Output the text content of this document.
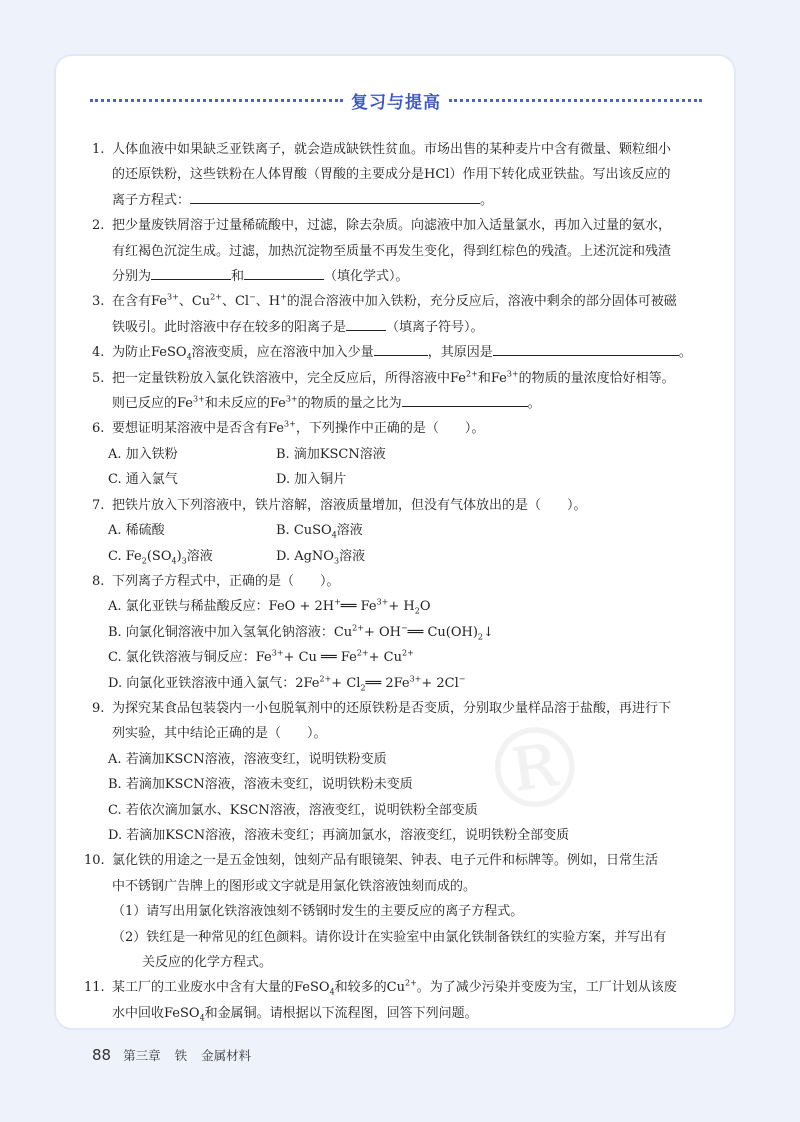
复习与提高
®
1. 人体血液中如果缺乏亚铁离子，就会造成缺铁性贫血。市场出售的某种麦片中含有微量、颗粒细小
的还原铁粉，这些铁粉在人体胃酸（胃酸的主要成分是HCl）作用下转化成亚铁盐。写出该反应的
离子方程式：	。
2. 把少量废铁屑溶于过量稀硫酸中，过滤，除去杂质。向滤液中加入适量氯水，再加入过量的氨水，
有红褐色沉淀生成。过滤，加热沉淀物至质量不再发生变化，得到红棕色的残渣。上述沉淀和残渣
分别为	和	（填化学式）。
3. 在含有$Fe^{3+}$、$Cu^{2+}$、Cl−、H+的混合溶液中加入铁粉，充分反应后，溶液中剩余的部分固体可被磁
铁吸引。此时溶液中存在较多的阳离子是	（填离子符号）。
4. 为防止FeSO$_4$溶液变质，应在溶液中加入少量	，其原因是	。
5. 把一定量铁粉放入氯化铁溶液中，完全反应后，所得溶液中$Fe^{2+}$和$Fe^{3+}$的物质的量浓度恰好相等。
则已反应的$Fe^{3+}$和未反应的$Fe^{3+}$的物质的量之比为	。
6. 要想证明某溶液中是否含有$Fe^{3+}$，下列操作中正确的是（　　）。
A. 加入铁粉	B. 滴加KSCN溶液
C. 通入氯气	D. 加入铜片
7. 把铁片放入下列溶液中，铁片溶解，溶液质量增加，但没有气体放出的是（　　）。
A. 稀硫酸	B. CuSO$_4$溶液
C. $Fe_2(SO_4)_3$溶液	D. AgNO$_3$溶液
8. 下列离子方程式中，正确的是（　　）。
A. 氯化亚铁与稀盐酸反应：FeO + 2H+══ $Fe^{3+}+ H_2O$
B. 向氯化铜溶液中加入氢氧化钠溶液：$Cu^{2+}+$ OH−══ $Cu(OH)_2↓$
C. 氯化铁溶液与铜反应：$Fe^{3+}+ Cu$ ══ $Fe^{2+}+ Cu^{2+}$
D. 向氯化亚铁溶液中通入氯气：$2Fe^{2+}+$ $Cl_2══$ $2Fe^{3+}+ 2Cl^-$
9. 为探究某食品包装袋内一小包脱氧剂中的还原铁粉是否变质，分别取少量样品溶于盐酸，再进行下
列实验，其中结论正确的是（　　）。
A. 若滴加KSCN溶液，溶液变红，说明铁粉变质
B. 若滴加KSCN溶液，溶液未变红，说明铁粉未变质
C. 若依次滴加氯水、KSCN溶液，溶液变红，说明铁粉全部变质
D. 若滴加KSCN溶液，溶液未变红；再滴加氯水，溶液变红，说明铁粉全部变质
10. 氯化铁的用途之一是五金蚀刻，蚀刻产品有眼镜架、钟表、电子元件和标牌等。例如，日常生活
中不锈钢广告牌上的图形或文字就是用氯化铁溶液蚀刻而成的。
（1）请写出用氯化铁溶液蚀刻不锈钢时发生的主要反应的离子方程式。
（2）铁红是一种常见的红色颜料。请你设计在实验室中由氯化铁制备铁红的实验方案，并写出有
关反应的化学方程式。
11. 某工厂的工业废水中含有大量的FeSO$_4$和较多的$Cu^{2+}$。为了减少污染并变废为宝，工厂计划从该废
水中回收FeSO$_4$和金属铜。请根据以下流程图，回答下列问题。
88 第三章 铁 金属材料
